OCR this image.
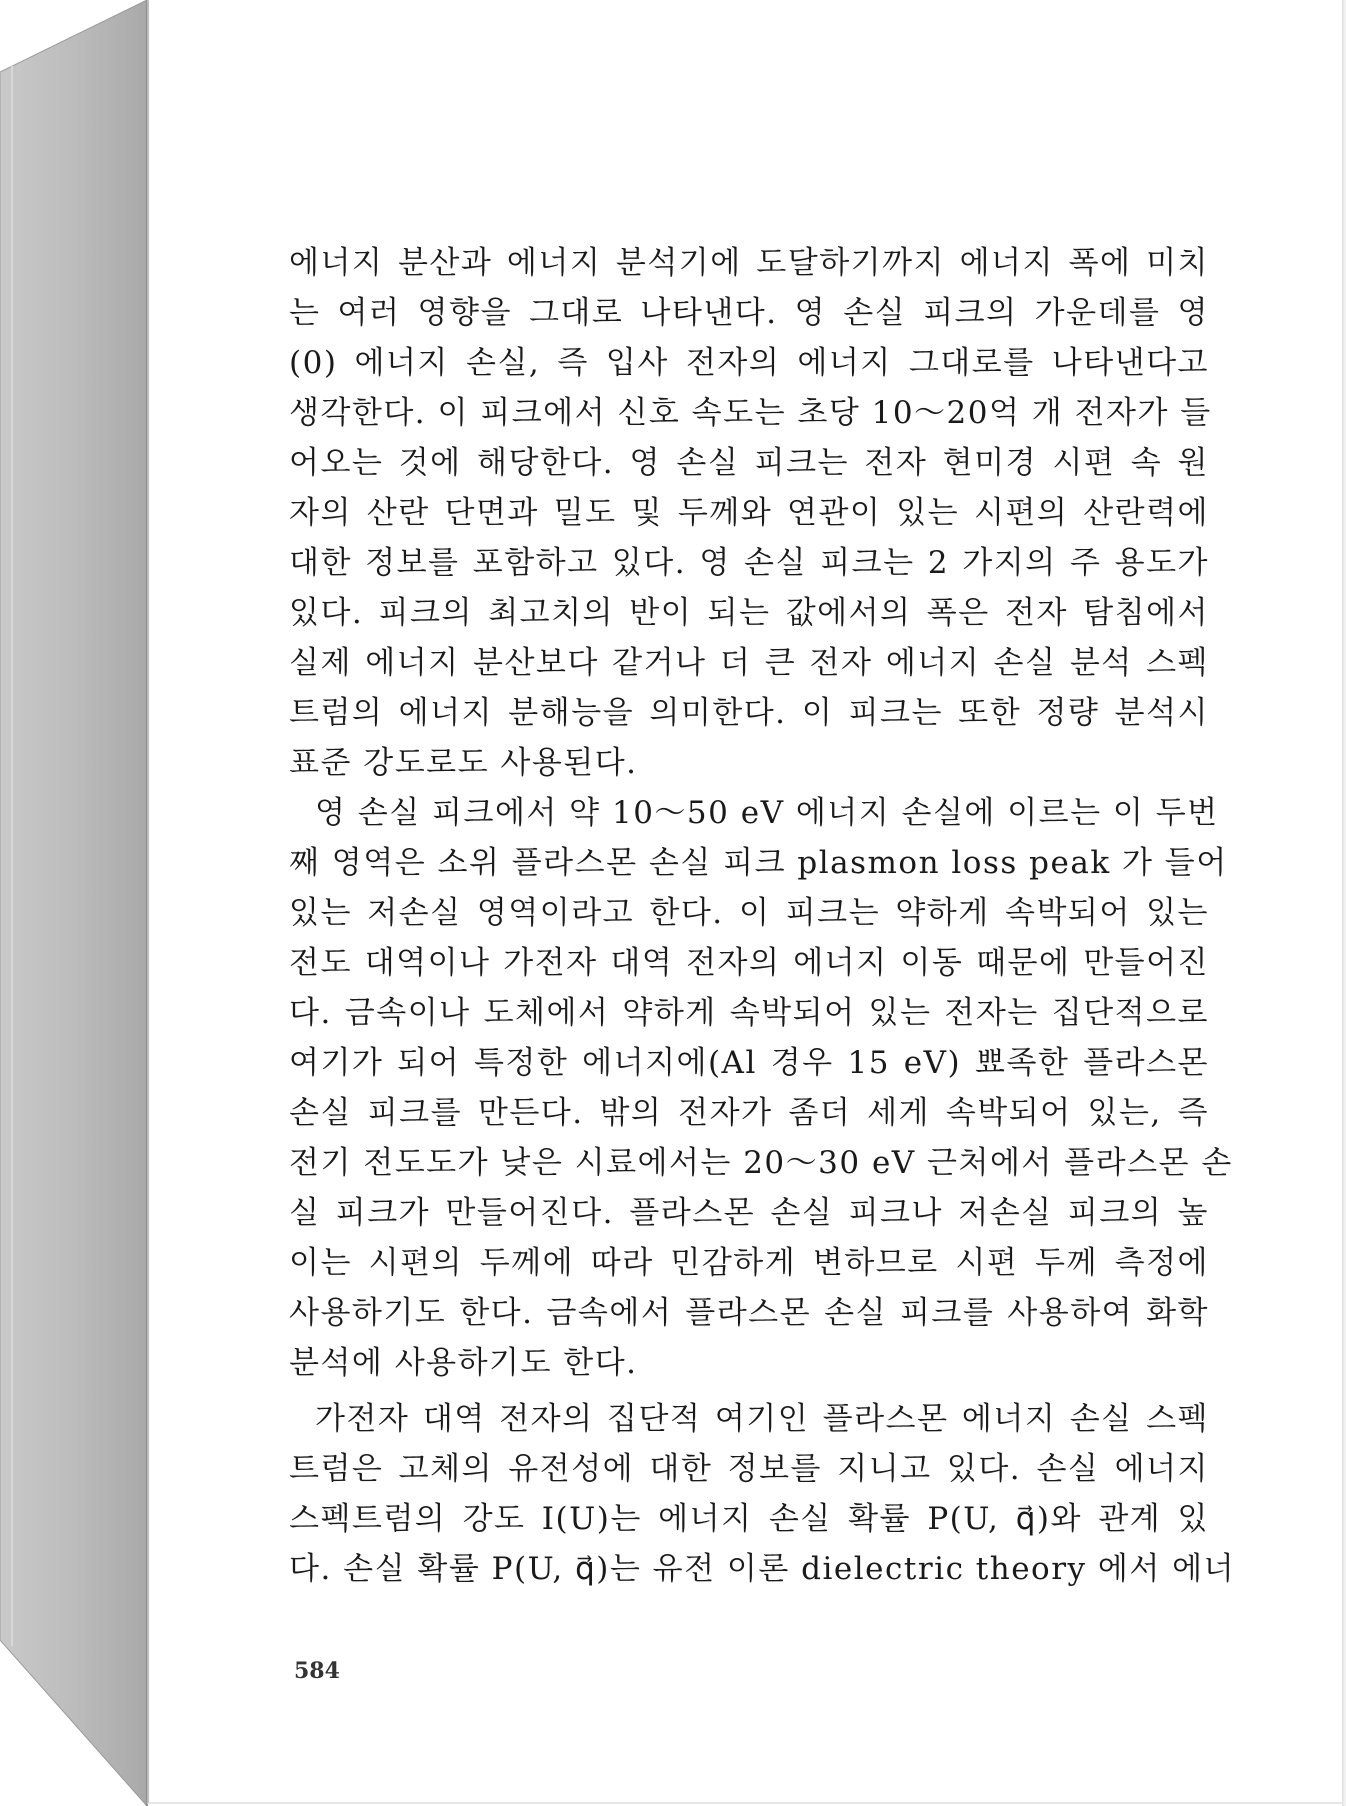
에너지 분산과 에너지 분석기에 도달하기까지 에너지 폭에 미치
는 여러 영향을 그대로 나타낸다. 영 손실 피크의 가운데를 영
(0) 에너지 손실, 즉 입사 전자의 에너지 그대로를 나타낸다고
생각한다. 이 피크에서 신호 속도는 초당 10～20억 개 전자가 들
어오는 것에 해당한다. 영 손실 피크는 전자 현미경 시편 속 원
자의 산란 단면과 밀도 및 두께와 연관이 있는 시편의 산란력에
대한 정보를 포함하고 있다. 영 손실 피크는 2 가지의 주 용도가
있다. 피크의 최고치의 반이 되는 값에서의 폭은 전자 탐침에서
실제 에너지 분산보다 같거나 더 큰 전자 에너지 손실 분석 스펙
트럼의 에너지 분해능을 의미한다. 이 피크는 또한 정량 분석시
표준 강도로도 사용된다.
영 손실 피크에서 약 10～50 eV 에너지 손실에 이르는 이 두번
째 영역은 소위 플라스몬 손실 피크 plasmon loss peak 가 들어
있는 저손실 영역이라고 한다. 이 피크는 약하게 속박되어 있는
전도 대역이나 가전자 대역 전자의 에너지 이동 때문에 만들어진
다. 금속이나 도체에서 약하게 속박되어 있는 전자는 집단적으로
여기가 되어 특정한 에너지에(Al 경우 15 eV) 뾰족한 플라스몬
손실 피크를 만든다. 밖의 전자가 좀더 세게 속박되어 있는, 즉
전기 전도도가 낮은 시료에서는 20～30 eV 근처에서 플라스몬 손
실 피크가 만들어진다. 플라스몬 손실 피크나 저손실 피크의 높
이는 시편의 두께에 따라 민감하게 변하므로 시편 두께 측정에
사용하기도 한다. 금속에서 플라스몬 손실 피크를 사용하여 화학
분석에 사용하기도 한다.
가전자 대역 전자의 집단적 여기인 플라스몬 에너지 손실 스펙
트럼은 고체의 유전성에 대한 정보를 지니고 있다. 손실 에너지
스펙트럼의 강도 I(U)는 에너지 손실 확률 P(U, q⃗)와 관계 있
다. 손실 확률 P(U, q⃗)는 유전 이론 dielectric theory 에서 에너
584
